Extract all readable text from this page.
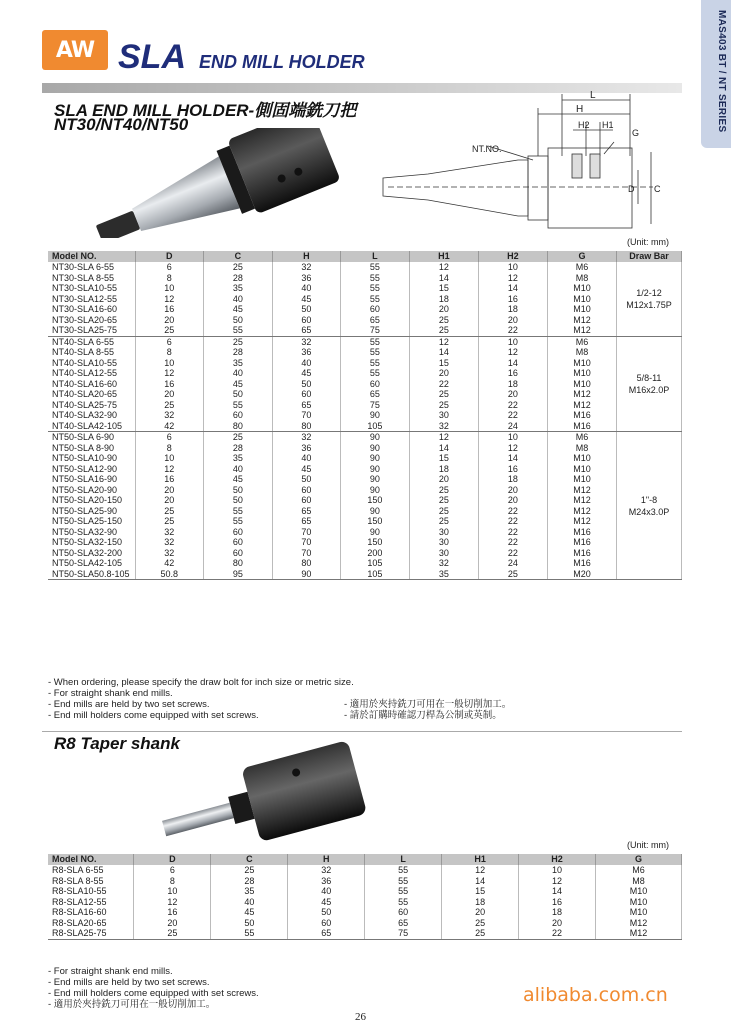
MAS403 BT / NT SERIES
AW SLA END MILL HOLDER
SLA END MILL HOLDER-側固端銑刀把
NT30/NT40/NT50
L
H
H2 H1
G
NT.NO.
D C
(Unit: mm)
Model NO.	D	C	H	L	H1	H2	G	Draw Bar
NT30-SLA 6-55	6	25	32	55	12	10	M6	1/2-12
M12x1.75P

NT30-SLA 8-55	8	28	36	55	14	12	M8	
NT30-SLA10-55	10	35	40	55	15	14	M10	
NT30-SLA12-55	12	40	45	55	18	16	M10	
NT30-SLA16-60	16	45	50	60	20	18	M10	
NT30-SLA20-65	20	50	60	65	25	20	M12	
NT30-SLA25-75	25	55	65	75	25	22	M12	
NT40-SLA 6-55	6	25	32	55	12	10	M6	5/8-11
M16x2.0P

NT40-SLA 8-55	8	28	36	55	14	12	M8	
NT40-SLA10-55	10	35	40	55	15	14	M10	
NT40-SLA12-55	12	40	45	55	20	16	M10	
NT40-SLA16-60	16	45	50	60	22	18	M10	
NT40-SLA20-65	20	50	60	65	25	20	M12	
NT40-SLA25-75	25	55	65	75	25	22	M12	
NT40-SLA32-90	32	60	70	90	30	22	M16	
NT40-SLA42-105	42	80	80	105	32	24	M16	
NT50-SLA 6-90	6	25	32	90	12	10	M6	1"-8
M24x3.0P

NT50-SLA 8-90	8	28	36	90	14	12	M8	
NT50-SLA10-90	10	35	40	90	15	14	M10	
NT50-SLA12-90	12	40	45	90	18	16	M10	
NT50-SLA16-90	16	45	50	90	20	18	M10	
NT50-SLA20-90	20	50	60	90	25	20	M12	
NT50-SLA20-150	20	50	60	150	25	20	M12	
NT50-SLA25-90	25	55	65	90	25	22	M12	
NT50-SLA25-150	25	55	65	150	25	22	M12	
NT50-SLA32-90	32	60	70	90	30	22	M16	
NT50-SLA32-150	32	60	70	150	30	22	M16	
NT50-SLA32-200	32	60	70	200	30	22	M16	
NT50-SLA42-105	42	80	80	105	32	24	M16	
NT50-SLA50.8-105	50.8	95	90	105	35	25	M20	
- When ordering, please specify the draw bolt for inch size or metric size.
- For straight shank end mills.
- End mills are held by two set screws.
- End mill holders come equipped with set screws.
- 適用於夾持銑刀可用在一般切削加工。
- 請於訂購時確認刀桿為公制或英制。
R8 Taper shank
(Unit: mm)
Model NO.	D	C	H	L	H1	H2	G
R8-SLA 6-55	6	25	32	55	12	10	M6
R8-SLA 8-55	8	28	36	55	14	12	M8
R8-SLA10-55	10	35	40	55	15	14	M10
R8-SLA12-55	12	40	45	55	18	16	M10
R8-SLA16-60	16	45	50	60	20	18	M10
R8-SLA20-65	20	50	60	65	25	20	M12
R8-SLA25-75	25	55	65	75	25	22	M12
- For straight shank end mills.
- End mills are held by two set screws.
- End mill holders come equipped with set screws.
- 適用於夾持銑刀可用在一般切削加工。	alibaba.com.cn
26
